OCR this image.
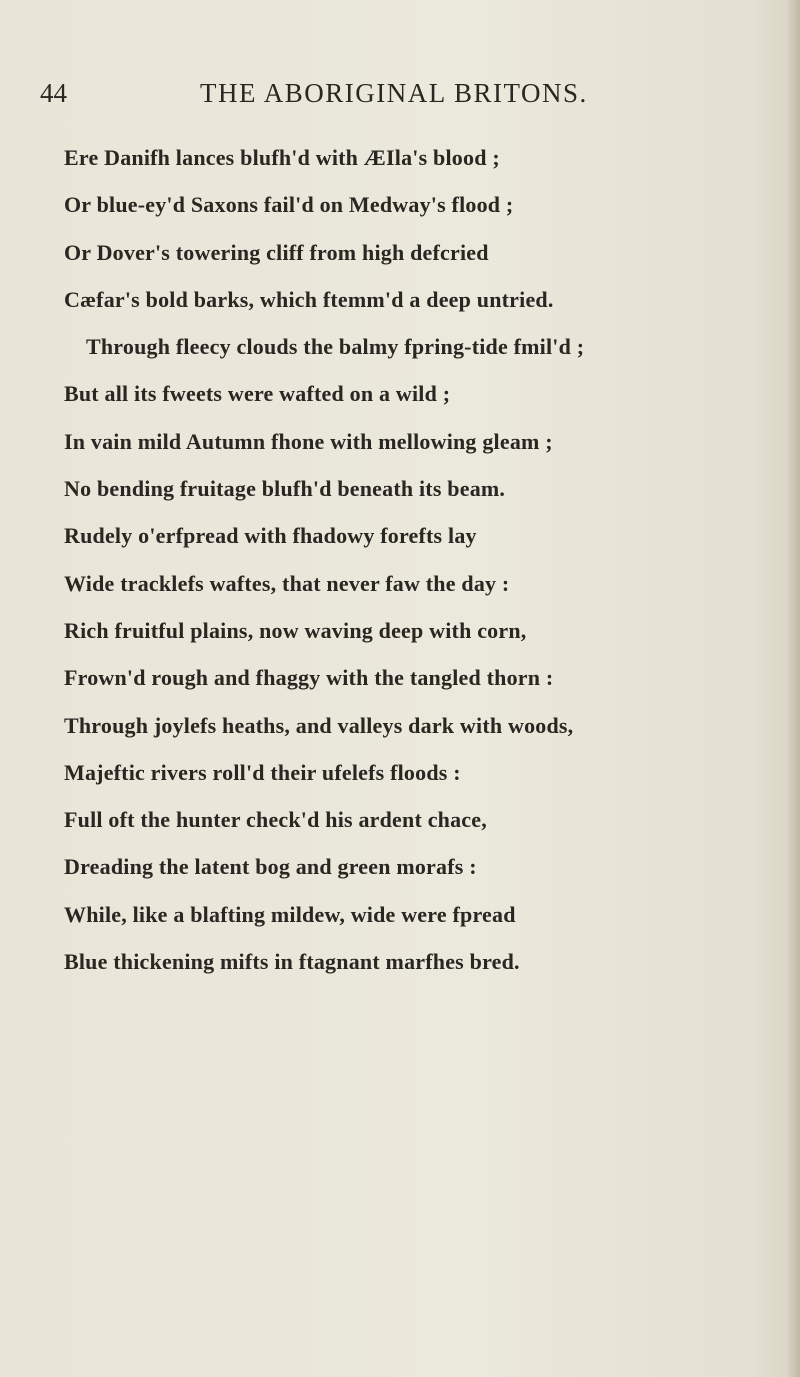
44	THE ABORIGINAL BRITONS.
Ere Danifh lances blufh'd with ÆIla's blood ;
Or blue-ey'd Saxons fail'd on Medway's flood ;
Or Dover's towering cliff from high defcried
Cæfar's bold barks, which ftemm'd a deep untried.
Through fleecy clouds the balmy fpring-tide fmil'd ;
But all its fweets were wafted on a wild ;
In vain mild Autumn fhone with mellowing gleam ;
No bending fruitage blufh'd beneath its beam.
Rudely o'erfpread with fhadowy forefts lay
Wide tracklefs waftes, that never faw the day :
Rich fruitful plains, now waving deep with corn,
Frown'd rough and fhaggy with the tangled thorn :
Through joylefs heaths, and valleys dark with woods,
Majeftic rivers roll'd their ufelefs floods :
Full oft the hunter check'd his ardent chace,
Dreading the latent bog and green morafs :
While, like a blafting mildew, wide were fpread
Blue thickening mifts in ftagnant marfhes bred.
